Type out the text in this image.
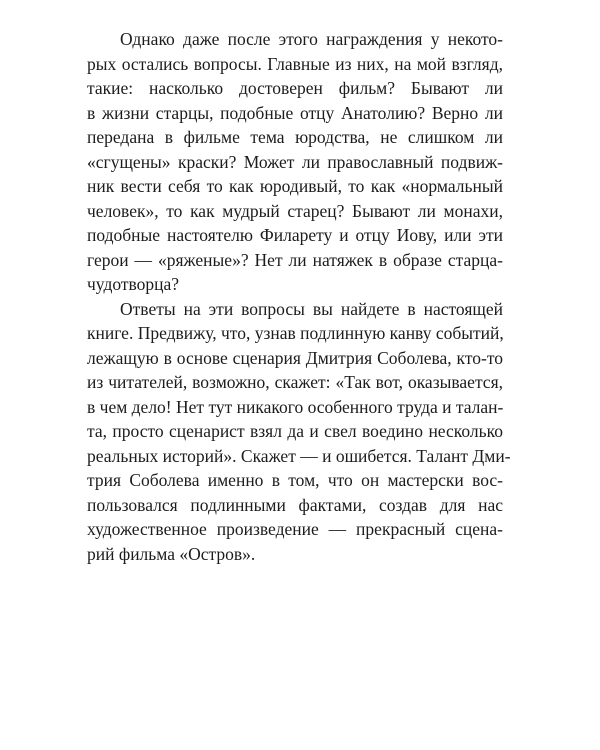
Однако даже после этого награждения у некото-
рых остались вопросы. Главные из них, на мой взгляд,
такие: насколько достоверен фильм? Бывают ли
в жизни старцы, подобные отцу Анатолию? Верно ли
передана в фильме тема юродства, не слишком ли
«сгущены» краски? Может ли православный подвиж-
ник вести себя то как юродивый, то как «нормальный
человек», то как мудрый старец? Бывают ли монахи,
подобные настоятелю Филарету и отцу Иову, или эти
герои — «ряженые»? Нет ли натяжек в образе старца-
чудотворца?
Ответы на эти вопросы вы найдете в настоящей
книге. Предвижу, что, узнав подлинную канву событий,
лежащую в основе сценария Дмитрия Соболева, кто-то
из читателей, возможно, скажет: «Так вот, оказывается,
в чем дело! Нет тут никакого особенного труда и талан-
та, просто сценарист взял да и свел воедино несколько
реальных историй». Скажет — и ошибется. Талант Дми-
трия Соболева именно в том, что он мастерски вос-
пользовался подлинными фактами, создав для нас
художественное произведение — прекрасный сцена-
рий фильма «Остров».
